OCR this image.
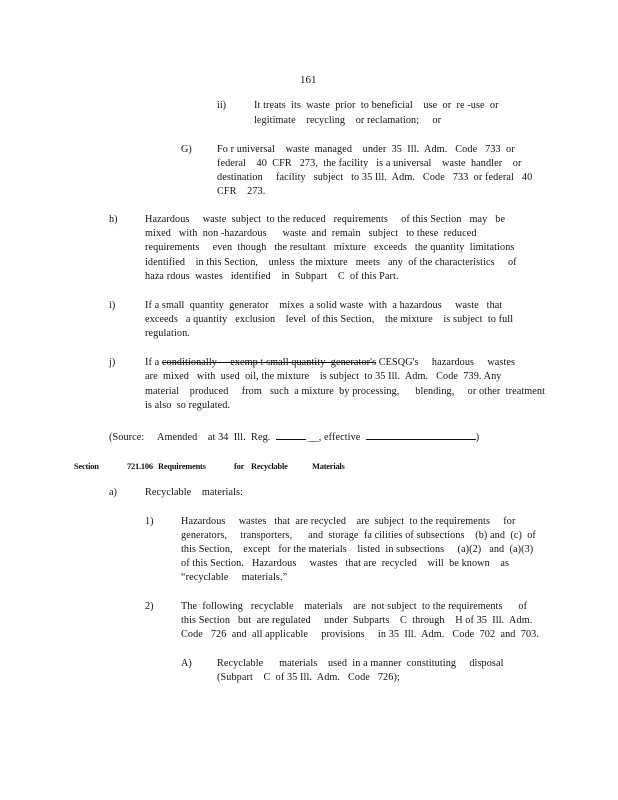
161
ii)	It treats  its  waste  prior  to beneficial    use  or  re -use  or
legitimate    recycling    or reclamation;     or
G) Fo r universal    waste  managed    under  35  Ill.  Adm.   Code   733  or
federal    40  CFR   273,  the facility   is a universal    waste  handler    or
destination     facility   subject   to 35 Ill.  Adm.   Code   733  or federal   40
CFR    273.
h)	Hazardous     waste  subject  to the reduced   requirements     of this Section   may   be
mixed   with  non -hazardous      waste  and  remain   subject   to these  reduced
requirements     even  though   the resultant   mixture   exceeds   the quantity  limitations
identified    in this Section,    unless  the mixture   meets   any  of the characteristics     of
haza rdous  wastes   identified    in  Subpart    C  of this Part.
i)	If a small  quantity  generator    mixes  a solid waste  with  a hazardous     waste   that
exceeds   a quantity   exclusion    level  of this Section,    the mixture    is subject  to full
regulation.
j)	If a conditionally     exemp t small quantity  generator's CESQG's     hazardous     wastes
are  mixed   with  used  oil, the mixture    is subject  to 35 Ill.  Adm.   Code  739. Any
material    produced     from   such  a mixture  by processing,      blending,     or other  treatment
is also  so regulated.
(Source:     Amended    at 34  Ill.  Reg.	__, effective	)
Section	721.106 Requirements	for Recyclable	Materials
a)	Recyclable    materials:
1)	Hazardous     wastes   that  are recycled    are  subject  to the requirements     for
generators,     transporters,      and  storage  fa cilities of subsections    (b) and  (c)  of
this Section,    except   for the materials    listed  in subsections     (a)(2)   and  (a)(3)
of this Section.   Hazardous     wastes   that are  recycled    will  be known    as
“recyclable     materials.”
2)	The  following   recyclable    materials    are  not subject  to the requirements      of
this Section   but  are regulated     under  Subparts    C  through    H of 35  Ill.  Adm.
Code   726  and  all applicable     provisions     in 35  Ill.  Adm.   Code  702  and  703.
A) Recyclable      materials    used  in a manner  constituting     disposal
(Subpart    C  of 35 Ill.  Adm.   Code   726);
